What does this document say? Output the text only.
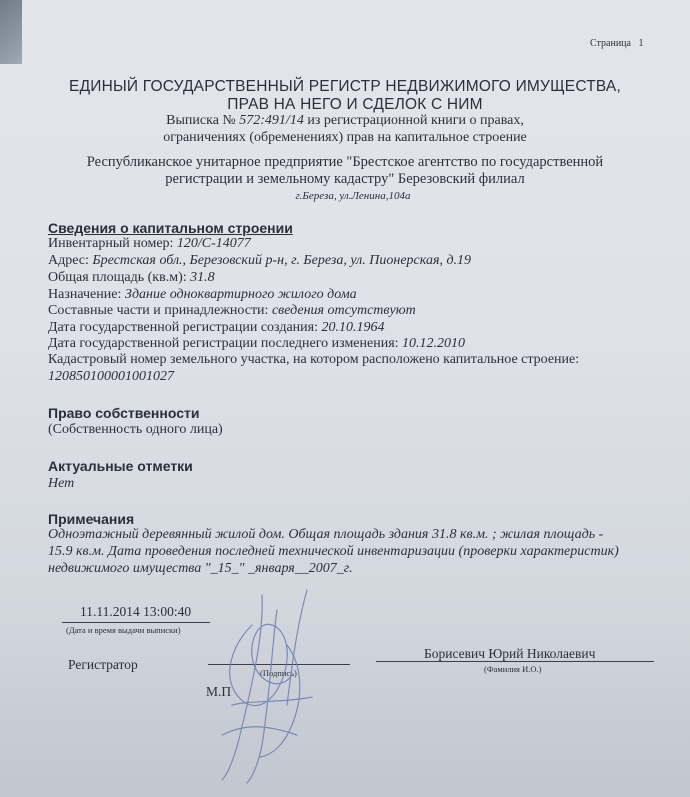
Страница 1
ЕДИНЫЙ ГОСУДАРСТВЕННЫЙ РЕГИСТР НЕДВИЖИМОГО ИМУЩЕСТВА,
ПРАВ НА НЕГО И СДЕЛОК С НИМ
Выписка № 572:491/14 из регистрационной книги о правах,
ограничениях (обременениях) прав на капитальное строение
Республиканское унитарное предприятие "Брестское агентство по государственной
регистрации и земельному кадастру" Березовский филиал
г.Береза, ул.Ленина,104а
Сведения о капитальном строении
Инвентарный номер: 120/С-14077
Адрес: Брестская обл., Березовский р-н, г. Береза, ул. Пионерская, д.19
Общая площадь (кв.м): 31.8
Назначение: Здание одноквартирного жилого дома
Составные части и принадлежности: сведения отсутствуют
Дата государственной регистрации создания: 20.10.1964
Дата государственной регистрации последнего изменения: 10.12.2010
Кадастровый номер земельного участка, на котором расположено капитальное строение:
120850100001001027
Право собственности
(Собственность одного лица)
Актуальные отметки
Нет
Примечания
Одноэтажный деревянный жилой дом. Общая площадь здания 31.8 кв.м. ; жилая площадь -
15.9 кв.м. Дата проведения последней технической инвентаризации (проверки характеристик)
недвижимого имущества "_15_" _января__2007_г.
11.11.2014 13:00:40
(Дата и время выдачи выписки)
Регистратор
(Подпись)
Борисевич Юрий Николаевич
(Фамилия И.О.)
М.П
